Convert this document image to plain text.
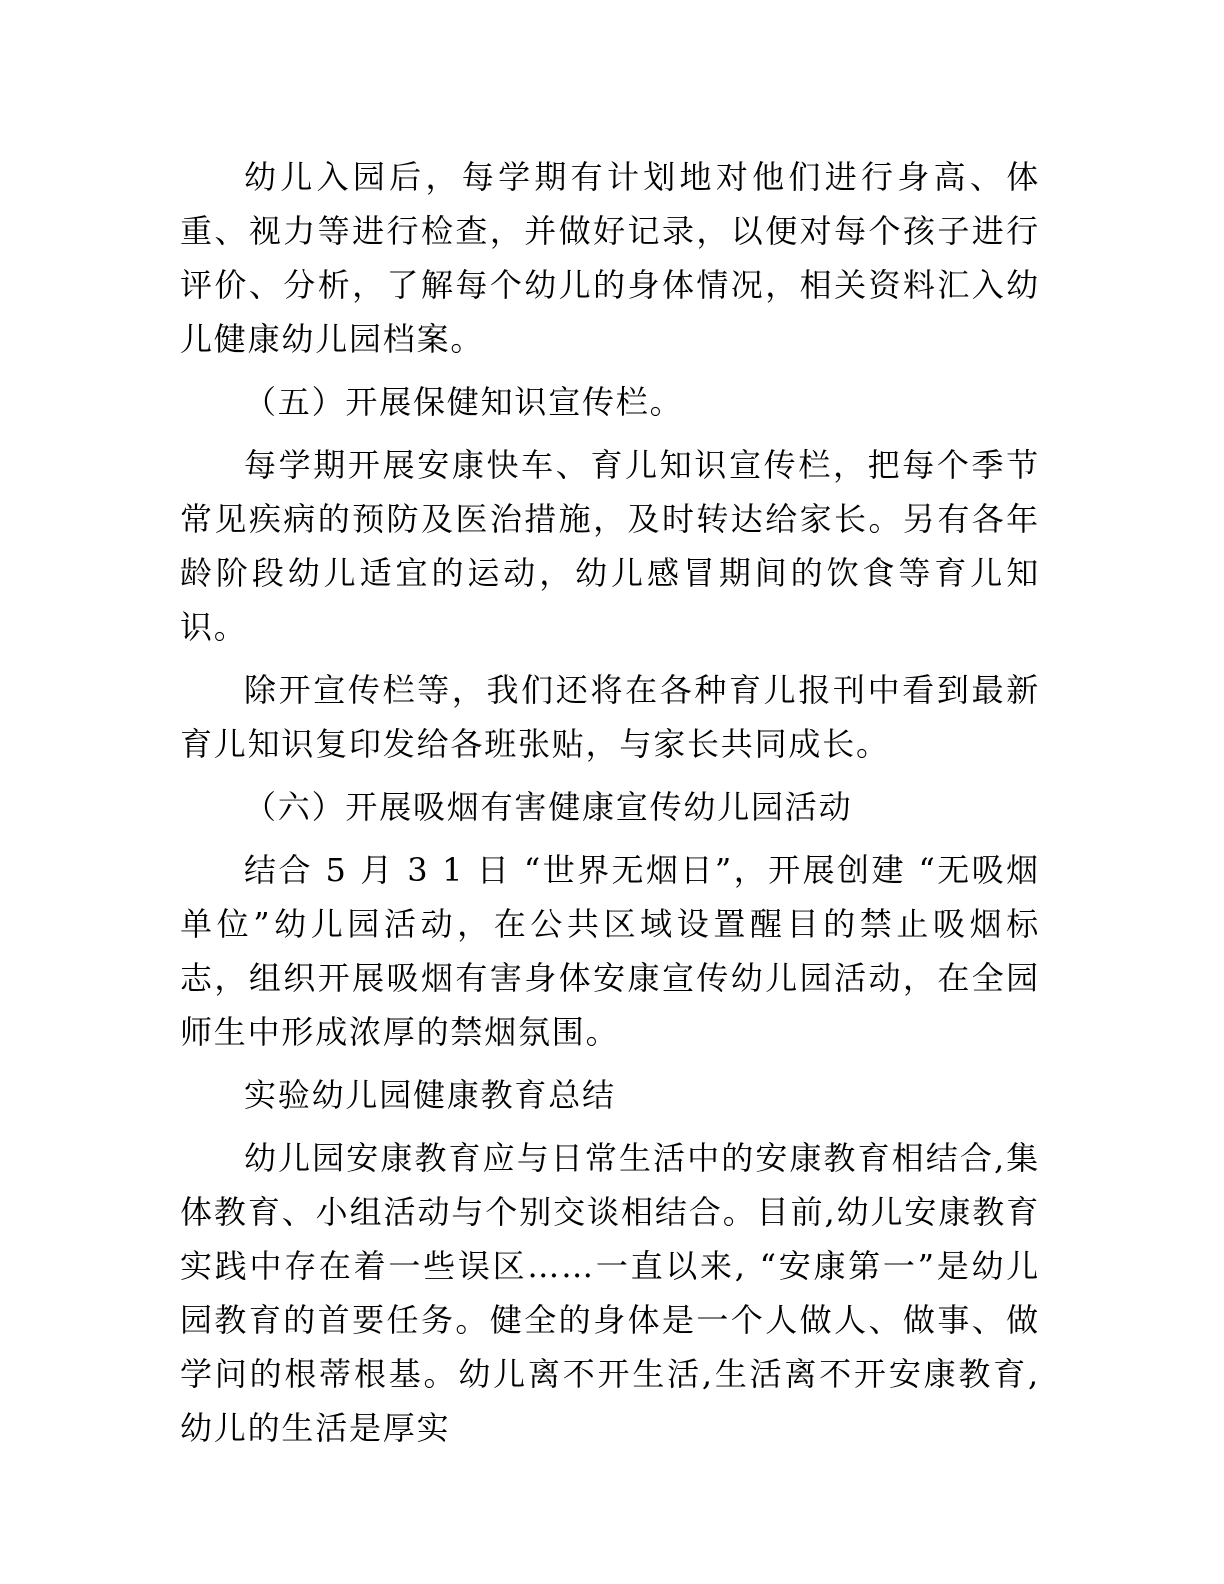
幼儿入园后，每学期有计划地对他们进行身高、体重、视力等进行检查，并做好记录，以便对每个孩子进行评价、分析，了解每个幼儿的身体情况，相关资料汇入幼儿健康幼儿园档案。

（五）开展保健知识宣传栏。

每学期开展安康快车、育儿知识宣传栏，把每个季节常见疾病的预防及医治措施，及时转达给家长。另有各年龄阶段幼儿适宜的运动，幼儿感冒期间的饮食等育儿知识。

除开宣传栏等，我们还将在各种育儿报刊中看到最新育儿知识复印发给各班张贴，与家长共同成长。

（六）开展吸烟有害健康宣传幼儿园活动

结合 5 月 3 1 日 “世界无烟日”，开展创建 “无吸烟单位”幼儿园活动，在公共区域设置醒目的禁止吸烟标志，组织开展吸烟有害身体安康宣传幼儿园活动，在全园师生中形成浓厚的禁烟氛围。

实验幼儿园健康教育总结

幼儿园安康教育应与日常生活中的安康教育相结合,集体教育、小组活动与个别交谈相结合。目前,幼儿安康教育实践中存在着一些误区……一直以来, “安康第一”是幼儿园教育的首要任务。健全的身体是一个人做人、做事、做学问的根蒂根基。幼儿离不开生活,生活离不开安康教育,幼儿的生活是厚实
